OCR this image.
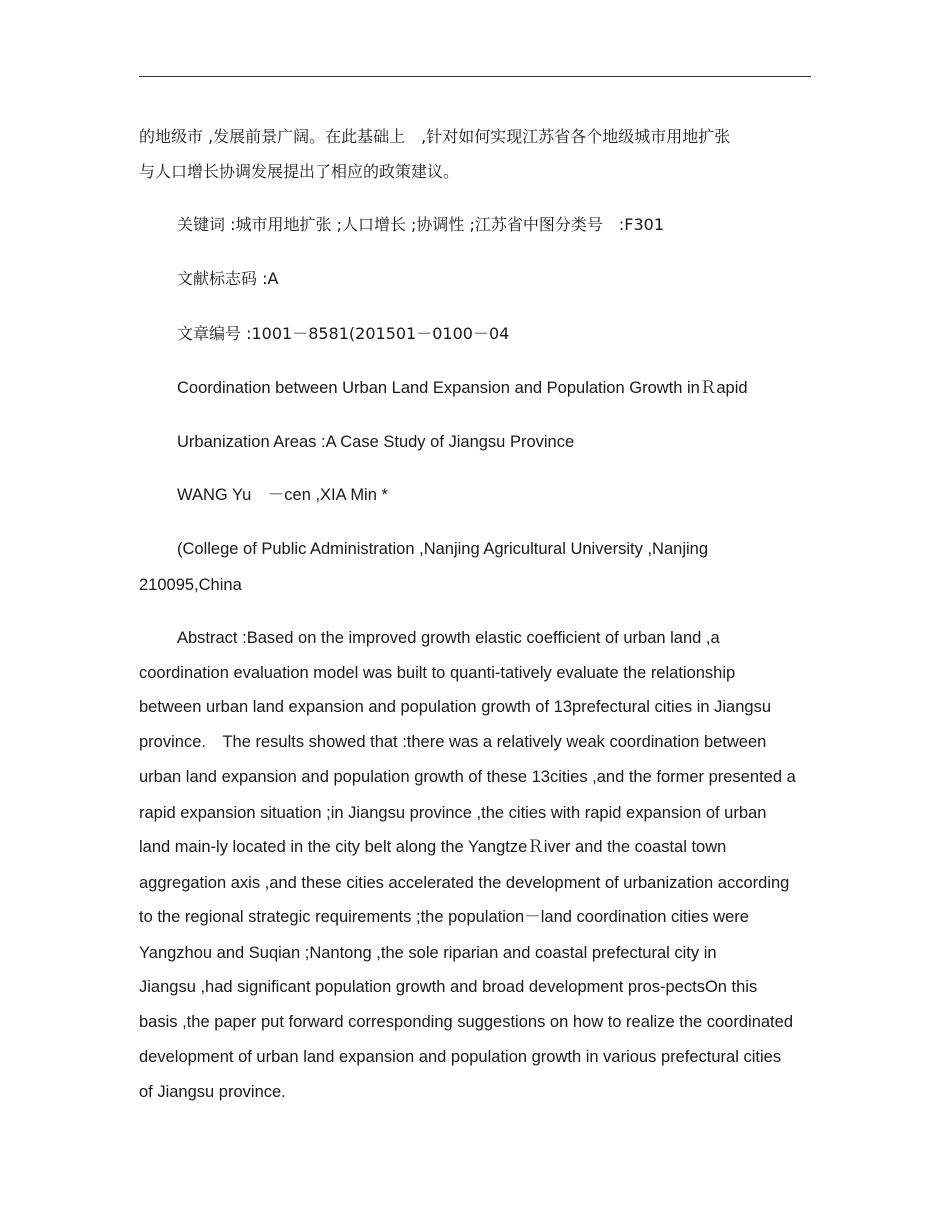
的地级市 ,发展前景广阔。在此基础上　,针对如何实现江苏省各个地级城市用地扩张
与人口增长协调发展提出了相应的政策建议。
关键词 :城市用地扩张 ;人口增长 ;协调性 ;江苏省中图分类号　:F301
文献标志码 :A
文章编号 :1001－8581(201501－0100－04
Coordination between Urban Land Expansion and Population Growth inＲapid
Urbanization Areas :A Case Study of Jiangsu Province
WANG Yu　－cen ,XIA Min *
(College of Public Administration ,Nanjing Agricultural University ,Nanjing
210095,China
Abstract :Based on the improved growth elastic coefficient of urban land ,a
coordination evaluation model was built to quanti-tatively evaluate the relationship
between urban land expansion and population growth of 13prefectural cities in Jiangsu
province.　The results showed that :there was a relatively weak coordination between
urban land expansion and population growth of these 13cities ,and the former presented a
rapid expansion situation ;in Jiangsu province ,the cities with rapid expansion of urban
land main-ly located in the city belt along the YangtzeＲiver and the coastal town
aggregation axis ,and these cities accelerated the development of urbanization according
to the regional strategic requirements ;the population－land coordination cities were
Yangzhou and Suqian ;Nantong ,the sole riparian and coastal prefectural city in
Jiangsu ,had significant population growth and broad development pros-pectsOn this
basis ,the paper put forward corresponding suggestions on how to realize the coordinated
development of urban land expansion and population growth in various prefectural cities
of Jiangsu province.
